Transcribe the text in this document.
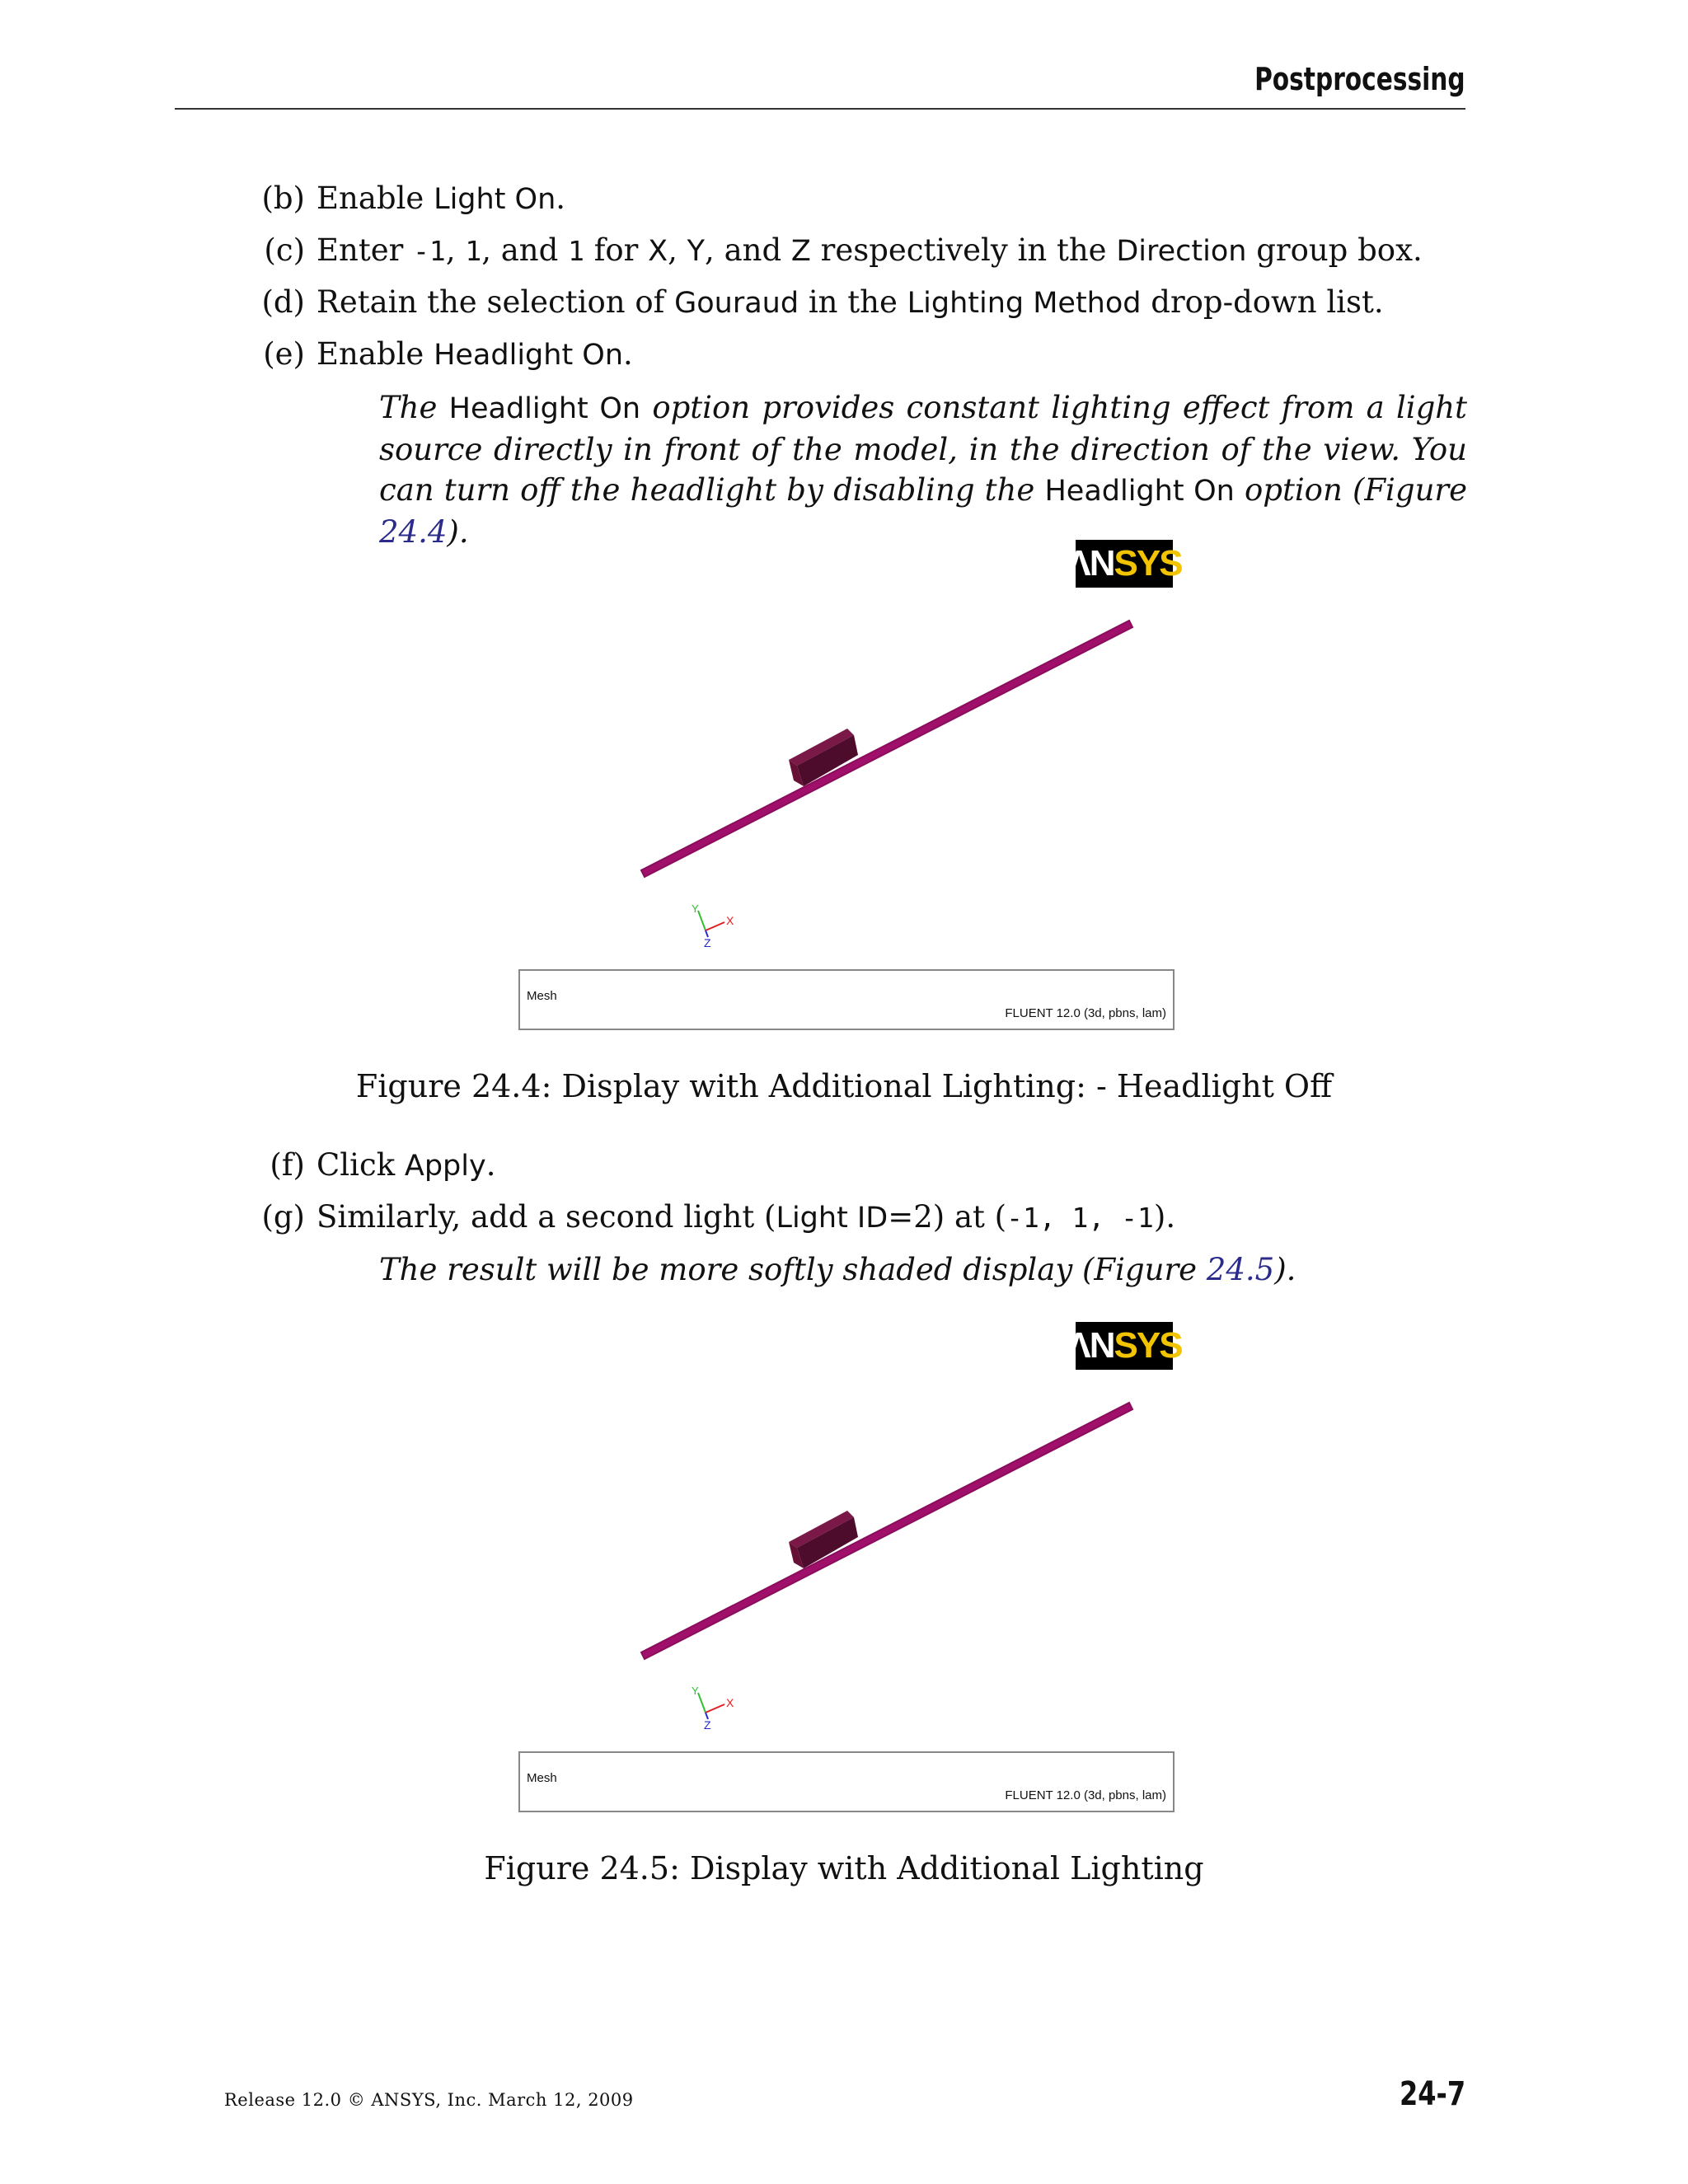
Postprocessing
(b) Enable Light On.
(c) Enter -1, 1, and 1 for X, Y, and Z respectively in the Direction group box.
(d) Retain the selection of Gouraud in the Lighting Method drop-down list.
(e) Enable Headlight On.
The Headlight On option provides constant lighting effect from a light source directly in front of the model, in the direction of the view. You can turn off the headlight by disabling the Headlight On option (Figure 24.4).
ΛΝ SYS
Y
X
Z
Mesh
FLUENT 12.0 (3d, pbns, lam)
Figure 24.4: Display with Additional Lighting: - Headlight Off
(f) Click Apply.
(g) Similarly, add a second light (Light ID=2) at (-1, 1, -1).
The result will be more softly shaded display (Figure 24.5).
ΛΝ SYS
Y
X
Z
Mesh
FLUENT 12.0 (3d, pbns, lam)
Figure 24.5: Display with Additional Lighting
Release 12.0 © ANSYS, Inc. March 12, 2009	24-7
